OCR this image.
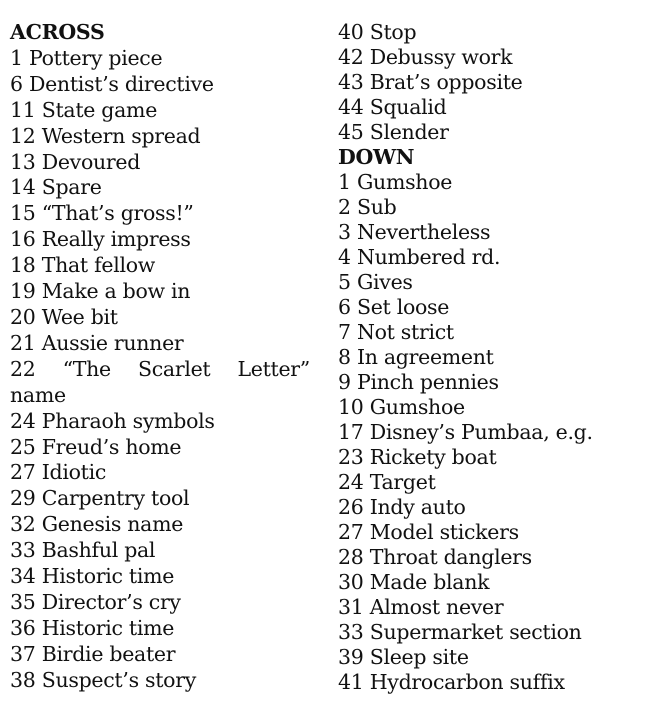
ACROSS
1 Pottery piece
6 Dentist’s directive
11 State game
12 Western spread
13 Devoured
14 Spare
15 “That’s gross!”
16 Really impress
18 That fellow
19 Make a bow in
20 Wee bit
21 Aussie runner
22 “The Scarlet Letter”
name
24 Pharaoh symbols
25 Freud’s home
27 Idiotic
29 Carpentry tool
32 Genesis name
33 Bashful pal
34 Historic time
35 Director’s cry
36 Historic time
37 Birdie beater
38 Suspect’s story
40 Stop
42 Debussy work
43 Brat’s opposite
44 Squalid
45 Slender
DOWN
1 Gumshoe
2 Sub
3 Nevertheless
4 Numbered rd.
5 Gives
6 Set loose
7 Not strict
8 In agreement
9 Pinch pennies
10 Gumshoe
17 Disney’s Pumbaa, e.g.
23 Rickety boat
24 Target
26 Indy auto
27 Model stickers
28 Throat danglers
30 Made blank
31 Almost never
33 Supermarket section
39 Sleep site
41 Hydrocarbon suffix
